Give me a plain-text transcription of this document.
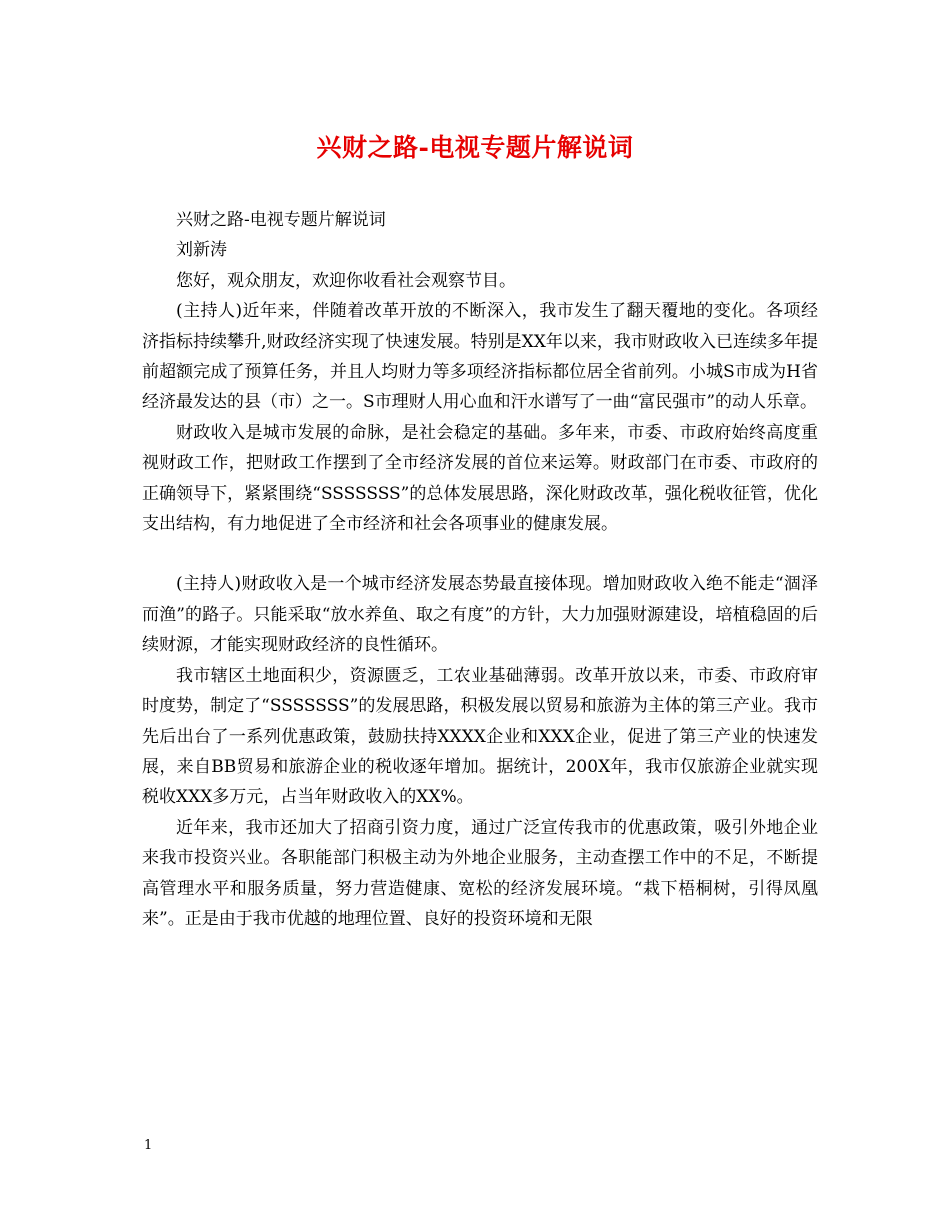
兴财之路-电视专题片解说词

兴财之路-电视专题片解说词

刘新涛

您好，观众朋友，欢迎你收看社会观察节目。

(主持人)近年来，伴随着改革开放的不断深入，我市发生了翻天覆地的变化。各项经济指标持续攀升,财政经济实现了快速发展。特别是XX年以来，我市财政收入已连续多年提前超额完成了预算任务，并且人均财力等多项经济指标都位居全省前列。小城S市成为H省经济最发达的县（市）之一。S市理财人用心血和汗水谱写了一曲“富民强市”的动人乐章。

财政收入是城市发展的命脉，是社会稳定的基础。多年来，市委、市政府始终高度重视财政工作，把财政工作摆到了全市经济发展的首位来运筹。财政部门在市委、市政府的正确领导下，紧紧围绕“SSSSSSS”的总体发展思路，深化财政改革，强化税收征管，优化支出结构，有力地促进了全市经济和社会各项事业的健康发展。

(主持人)财政收入是一个城市经济发展态势最直接体现。增加财政收入绝不能走“涸泽而渔”的路子。只能采取“放水养鱼、取之有度”的方针，大力加强财源建设，培植稳固的后续财源，才能实现财政经济的良性循环。

我市辖区土地面积少，资源匮乏，工农业基础薄弱。改革开放以来，市委、市政府审时度势，制定了“SSSSSSS”的发展思路，积极发展以贸易和旅游为主体的第三产业。我市先后出台了一系列优惠政策，鼓励扶持XXXX企业和XXX企业，促进了第三产业的快速发展，来自BB贸易和旅游企业的税收逐年增加。据统计，200X年，我市仅旅游企业就实现税收XXX多万元，占当年财政收入的XX%。

近年来，我市还加大了招商引资力度，通过广泛宣传我市的优惠政策，吸引外地企业来我市投资兴业。各职能部门积极主动为外地企业服务，主动查摆工作中的不足，不断提高管理水平和服务质量，努力营造健康、宽松的经济发展环境。“栽下梧桐树，引得凤凰来”。正是由于我市优越的地理位置、良好的投资环境和无限

1
